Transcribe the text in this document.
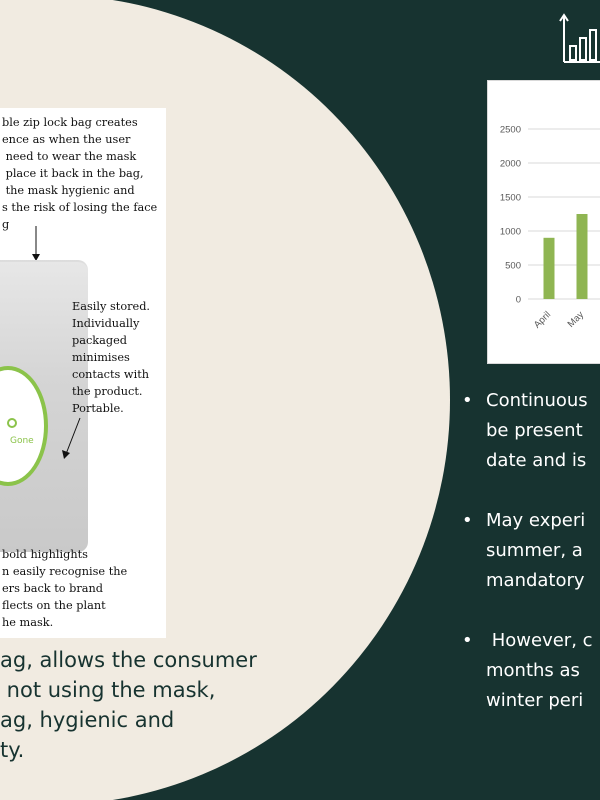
ble zip lock bag creates
ence as when the user
need to wear the mask
place it back in the bag,
the mask hygienic and
s the risk of losing the face
g
Gone
Easily stored.
Individually
packaged
minimises
contacts with
the product.
Portable.
bold highlights
n easily recognise the
ers back to brand
flects on the plant
he mask.
ag, allows the consumer
not using the mask,
ag, hygienic and
ty.
0
500
1000
1500
2000
2500
April May
• Continuous
be present
date and is
• May experi
summer, a
mandatory
•	However, c
months as
winter peri
